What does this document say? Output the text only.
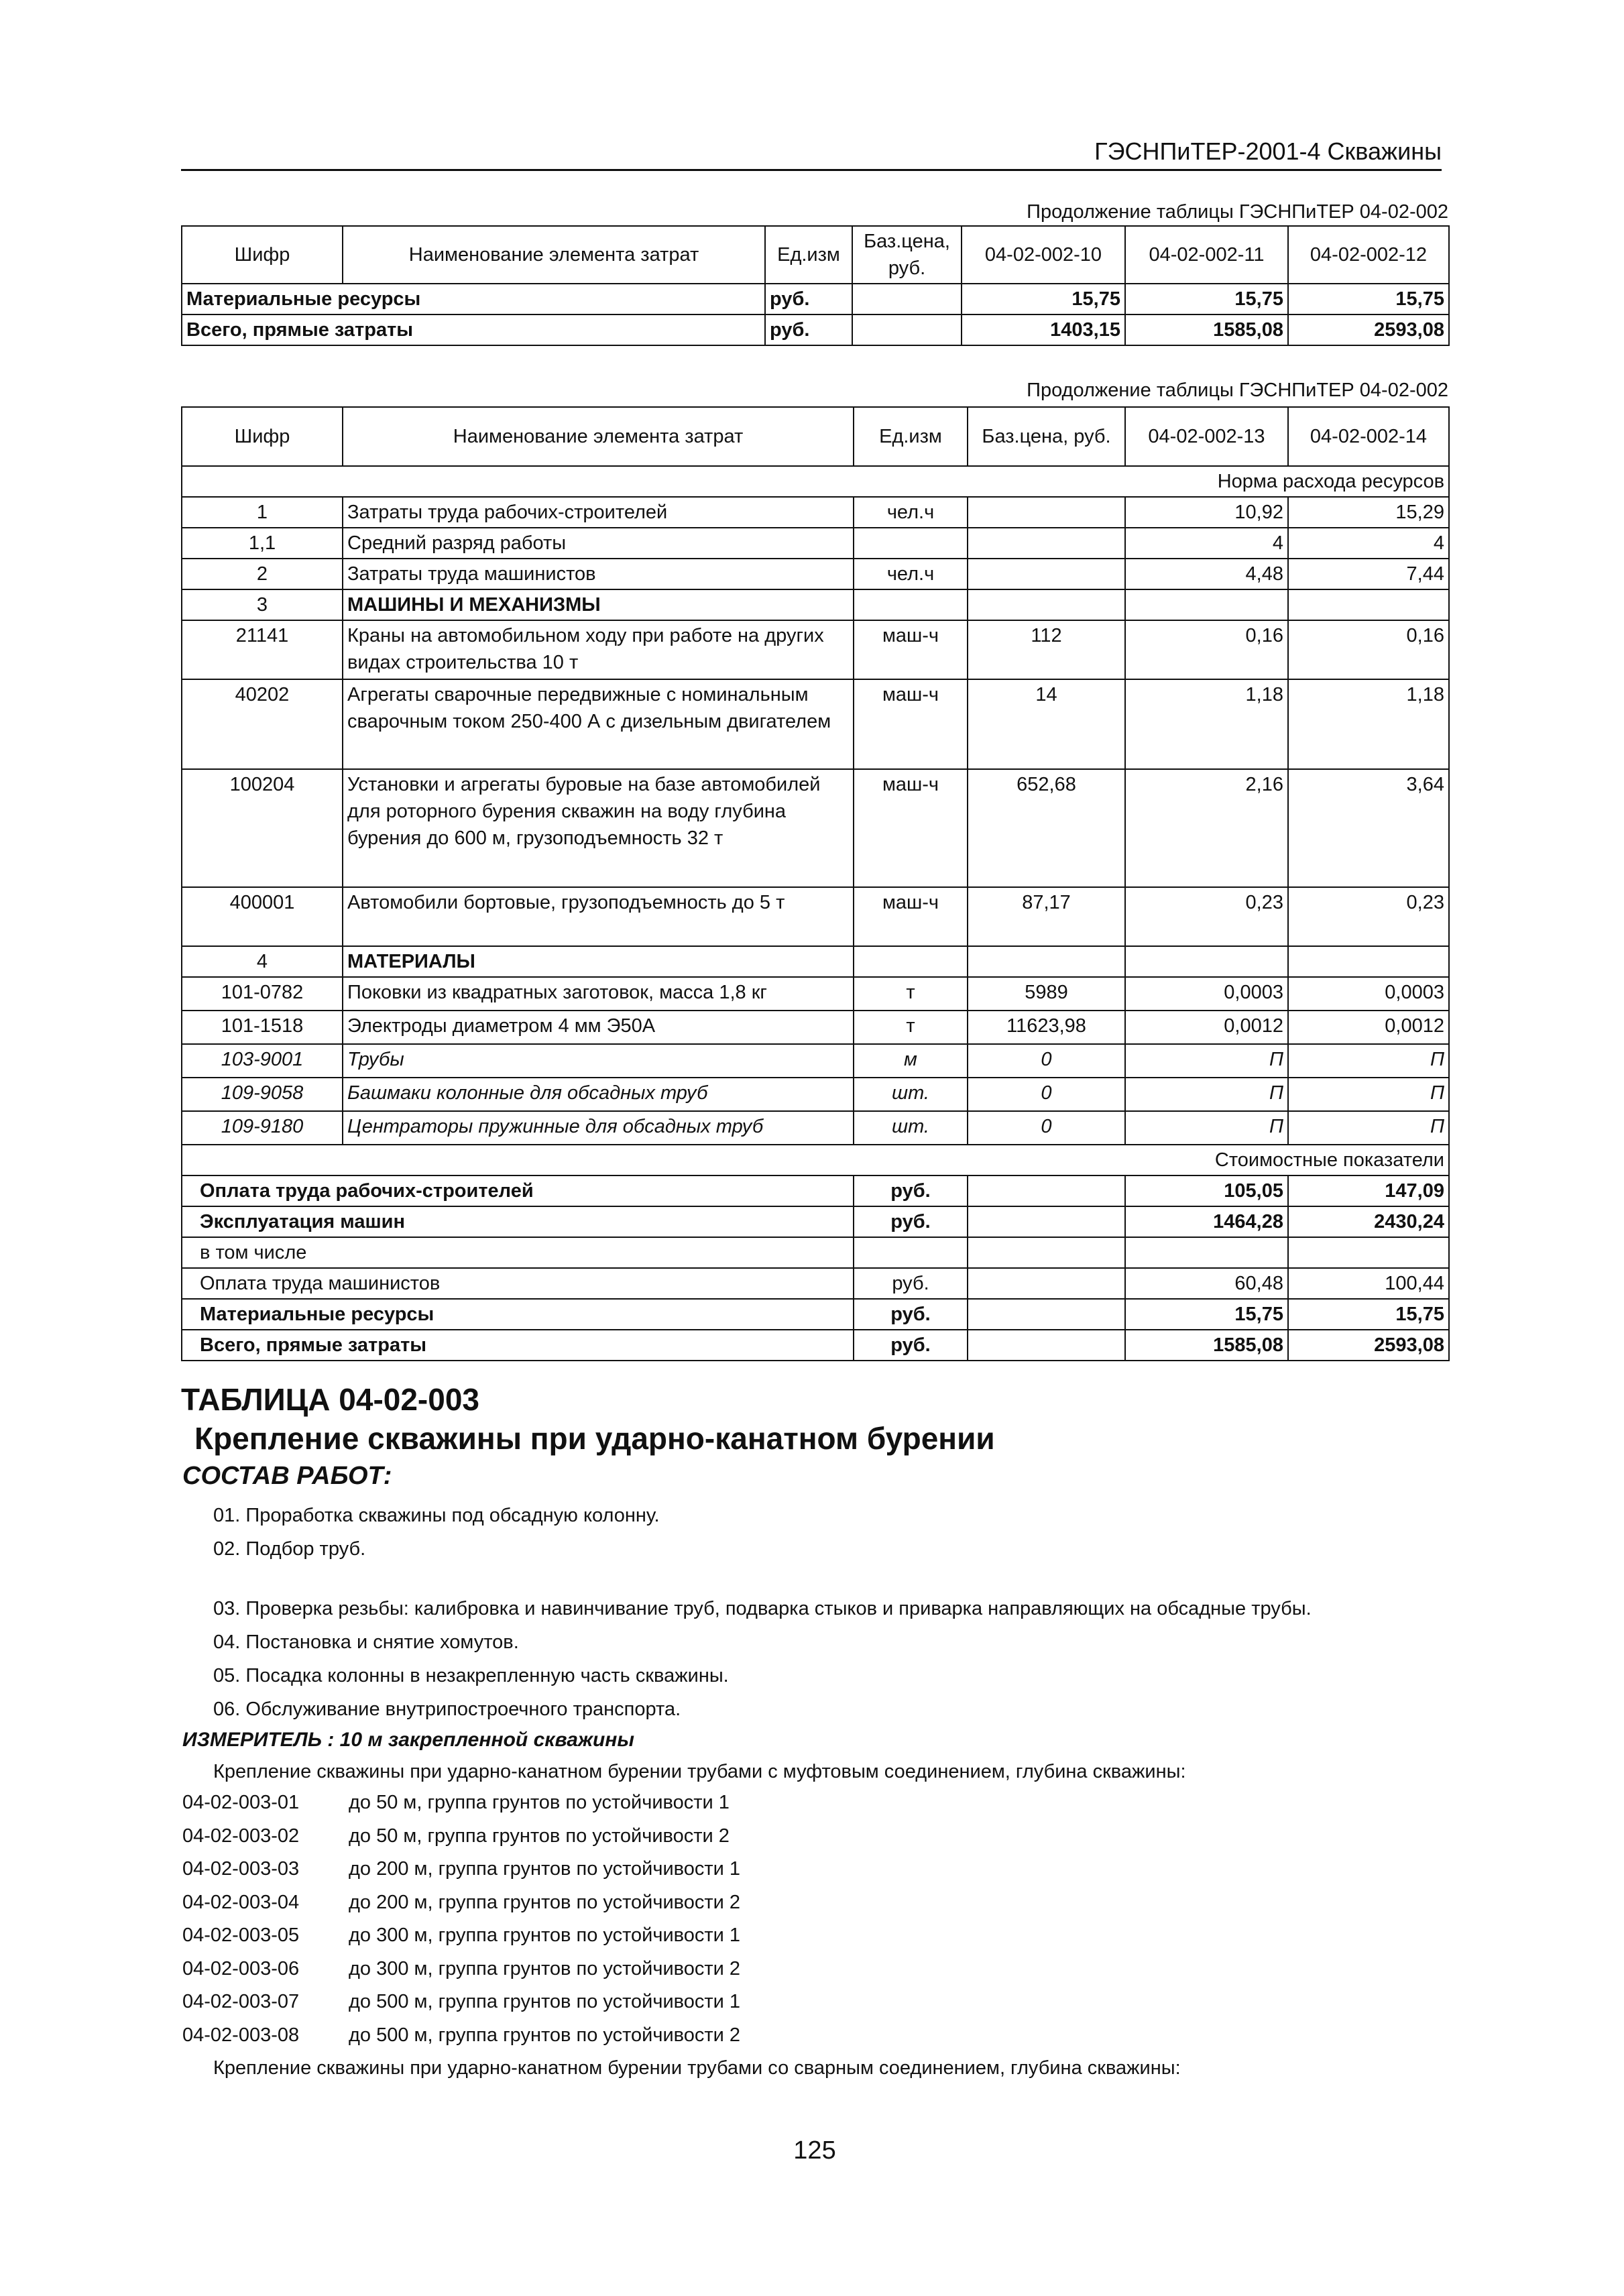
ГЭСНПиТЕР-2001-4 Скважины
Продолжение таблицы ГЭСНПиТЕР 04-02-002
Шифр	Наименование элемента затрат	Ед.изм	Баз.цена, руб.	04-02-002-10	04-02-002-11	04-02-002-12
Материальные ресурсы		руб.		15,75	15,75	15,75
Всего, прямые затраты		руб.		1403,15	1585,08	2593,08
Продолжение таблицы ГЭСНПиТЕР 04-02-002
Шифр	Наименование элемента затрат	Ед.изм	Баз.цена, руб.	04-02-002-13	04-02-002-14
Норма расхода ресурсов					
1	Затраты труда рабочих-строителей	чел.ч		10,92	15,29
1,1	Средний разряд работы			4	4
2	Затраты труда машинистов	чел.ч		4,48	7,44
3	МАШИНЫ И МЕХАНИЗМЫ				
21141	Краны на автомобильном ходу при работе на других видах строительства 10 т	маш-ч	112	0,16	0,16
40202	Агрегаты сварочные передвижные с номинальным сварочным током 250-400 А с дизельным двигателем	маш-ч	14	1,18	1,18
100204	Установки и агрегаты буровые на базе автомобилей для роторного бурения скважин на воду глубина бурения до 600 м, грузоподъемность 32 т	маш-ч	652,68	2,16	3,64
400001	Автомобили бортовые, грузоподъемность до 5 т	маш-ч	87,17	0,23	0,23
4	МАТЕРИАЛЫ				
101-0782	Поковки из квадратных заготовок, масса 1,8 кг	т	5989	0,0003	0,0003
101-1518	Электроды диаметром 4 мм Э50А	т	11623,98	0,0012	0,0012
103-9001	Трубы	м	0	П	П
109-9058	Башмаки колонные для обсадных труб	шт.	0	П	П
109-9180	Центраторы пружинные для обсадных труб	шт.	0	П	П
Стоимостные показатели					
Оплата труда рабочих-строителей		руб.		105,05	147,09
Эксплуатация машин		руб.		1464,28	2430,24
в том числе					
Оплата труда машинистов		руб.		60,48	100,44
Материальные ресурсы		руб.		15,75	15,75
Всего, прямые затраты		руб.		1585,08	2593,08
ТАБЛИЦА 04-02-003
Крепление скважины при ударно-канатном бурении
СОСТАВ РАБОТ:
01. Проработка скважины под обсадную колонну.
02. Подбор труб.
03. Проверка резьбы: калибровка и навинчивание труб, подварка стыков и приварка направляющих на обсадные трубы.
04. Постановка и снятие хомутов.
05. Посадка колонны в незакрепленную часть скважины.
06. Обслуживание внутрипостроечного транспорта.
ИЗМЕРИТЕЛЬ : 10 м закрепленной скважины
Крепление скважины при ударно-канатном бурении трубами с муфтовым соединением, глубина скважины:
04-02-003-01	до 50 м, группа грунтов по устойчивости 1
04-02-003-02	до 50 м, группа грунтов по устойчивости 2
04-02-003-03	до 200 м, группа грунтов по устойчивости 1
04-02-003-04	до 200 м, группа грунтов по устойчивости 2
04-02-003-05	до 300 м, группа грунтов по устойчивости 1
04-02-003-06	до 300 м, группа грунтов по устойчивости 2
04-02-003-07	до 500 м, группа грунтов по устойчивости 1
04-02-003-08	до 500 м, группа грунтов по устойчивости 2
Крепление скважины при ударно-канатном бурении трубами со сварным соединением, глубина скважины:
125
